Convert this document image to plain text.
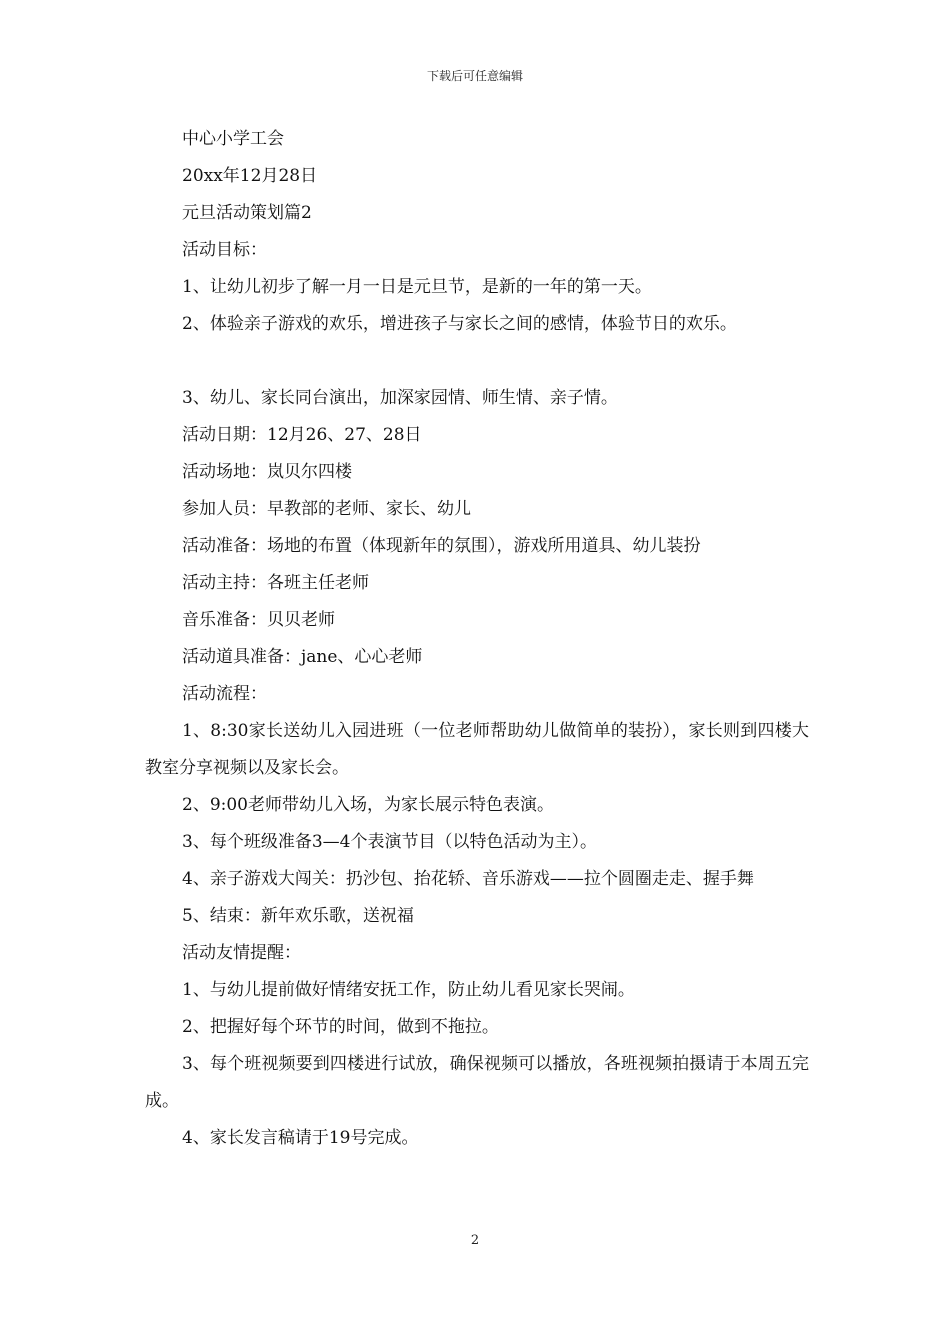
下载后可任意编辑

中心小学工会

20xx年12月28日

元旦活动策划篇2

活动目标：

1、让幼儿初步了解一月一日是元旦节，是新的一年的第一天。

2、体验亲子游戏的欢乐，增进孩子与家长之间的感情，体验节日的欢乐。

3、幼儿、家长同台演出，加深家园情、师生情、亲子情。

活动日期：12月26、27、28日

活动场地：岚贝尔四楼

参加人员：早教部的老师、家长、幼儿

活动准备：场地的布置（体现新年的氛围），游戏所用道具、幼儿装扮

活动主持：各班主任老师

音乐准备：贝贝老师

活动道具准备：jane、心心老师

活动流程：

1、8:30家长送幼儿入园进班（一位老师帮助幼儿做简单的装扮），家长则到四楼大教室分享视频以及家长会。

2、9:00老师带幼儿入场，为家长展示特色表演。

3、每个班级准备3—4个表演节目（以特色活动为主）。

4、亲子游戏大闯关：扔沙包、抬花轿、音乐游戏——拉个圆圈走走、握手舞

5、结束：新年欢乐歌，送祝福

活动友情提醒：

1、与幼儿提前做好情绪安抚工作，防止幼儿看见家长哭闹。

2、把握好每个环节的时间，做到不拖拉。

3、每个班视频要到四楼进行试放，确保视频可以播放，各班视频拍摄请于本周五完成。

4、家长发言稿请于19号完成。

2
